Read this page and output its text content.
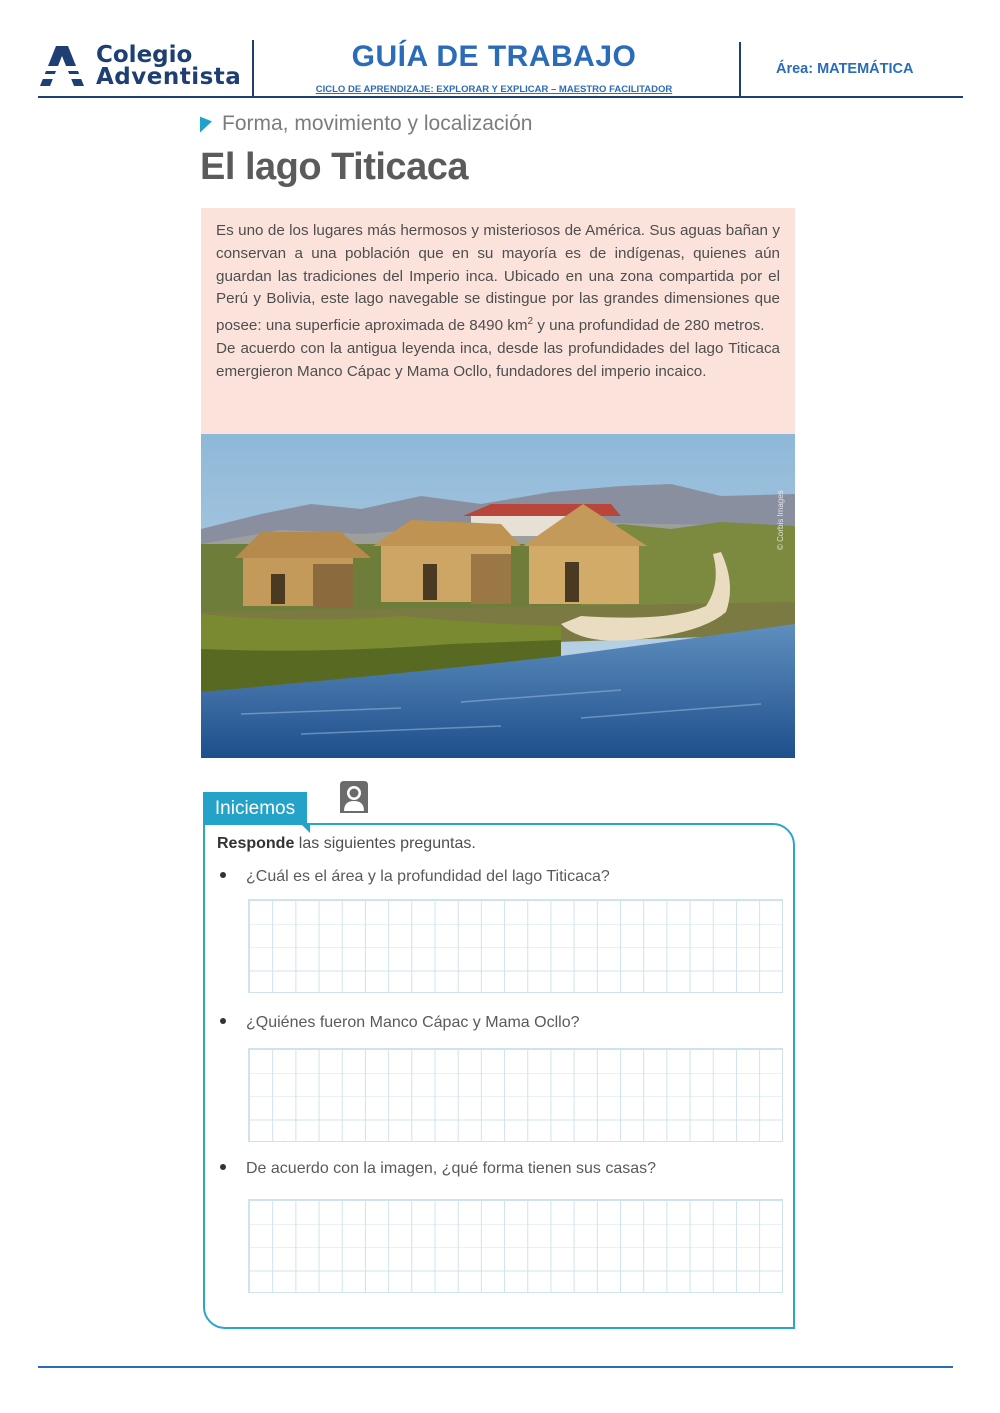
Colegio
Adventista
GUÍA DE TRABAJO
CICLO DE APRENDIZAJE: EXPLORAR Y EXPLICAR – MAESTRO FACILITADOR
Área: MATEMÁTICA
Forma, movimiento y localización
El lago Titicaca

Es uno de los lugares más hermosos y misteriosos de América. Sus aguas bañan y conservan a una población que en su mayoría es de indígenas, quienes aún guardan las tradiciones del Imperio inca. Ubicado en una zona compartida por el Perú y Bolivia, este lago navegable se distingue por las grandes dimensiones que posee: una superficie aproximada de 8490 $km^2$ y una profundidad de 280 metros.

De acuerdo con la antigua leyenda inca, desde las profundidades del lago Titicaca emergieron Manco Cápac y Mama Ocllo, fundadores del imperio incaico.

© Corbis Images
Iniciemos
Responde las siguientes preguntas.
¿Cuál es el área y la profundidad del lago Titicaca?
¿Quiénes fueron Manco Cápac y Mama Ocllo?
De acuerdo con la imagen, ¿qué forma tienen sus casas?
